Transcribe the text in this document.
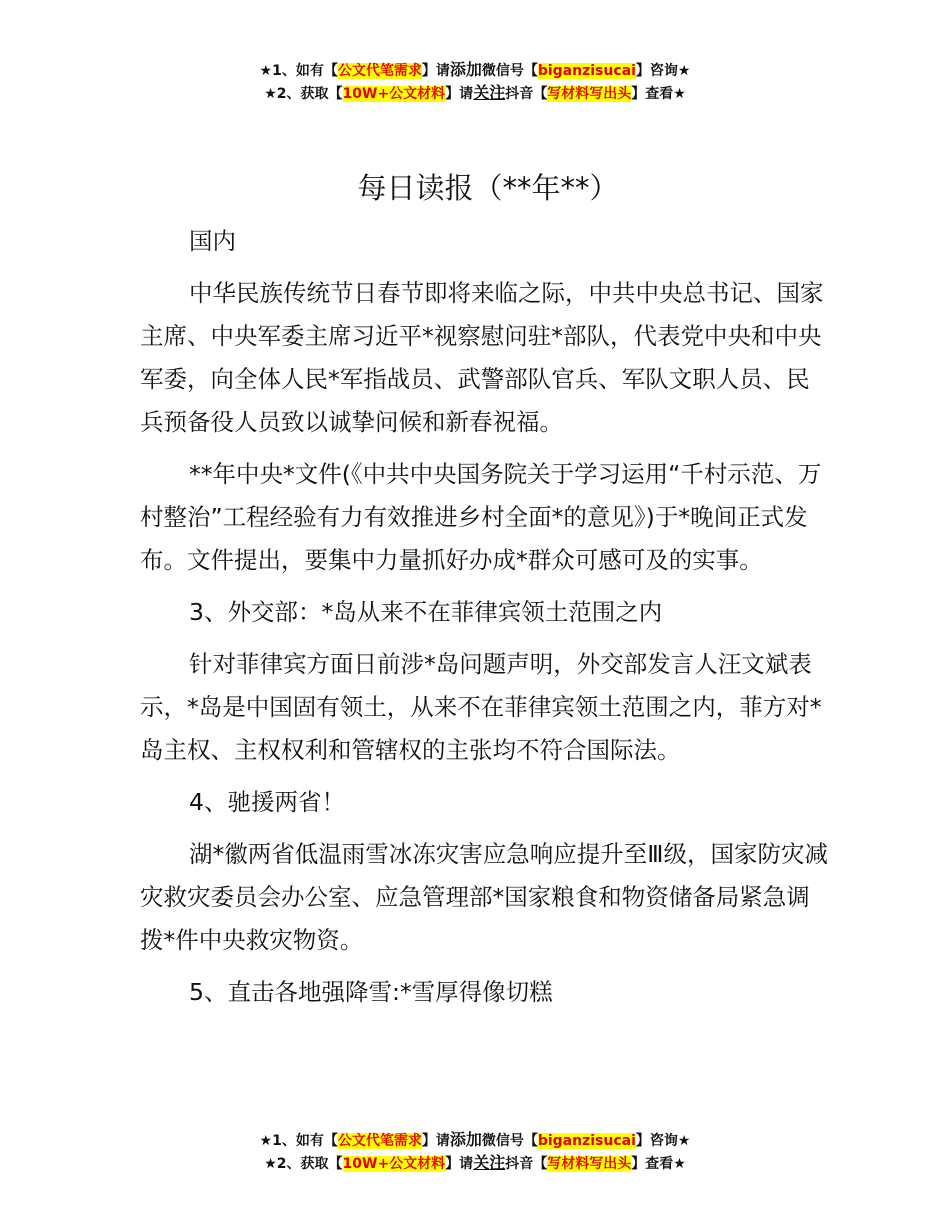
★1、如有【公文代笔需求】请添加微信号【biganzisucai】咨询★
★2、获取【10W+公文材料】请关注抖音【写材料写出头】查看★
每日读报（**年**）

国内

中华民族传统节日春节即将来临之际，中共中央总书记、国家主席、中央军委主席习近平*视察慰问驻*部队，代表党中央和中央军委，向全体人民*军指战员、武警部队官兵、军队文职人员、民兵预备役人员致以诚挚问候和新春祝福。

**年中央*文件(《中共中央国务院关于学习运用“千村示范、万村整治”工程经验有力有效推进乡村全面*的意见》)于*晚间正式发布。文件提出，要集中力量抓好办成*群众可感可及的实事。

3、外交部：*岛从来不在菲律宾领土范围之内

针对菲律宾方面日前涉*岛问题声明，外交部发言人汪文斌表示，*岛是中国固有领土，从来不在菲律宾领土范围之内，菲方对*岛主权、主权权利和管辖权的主张均不符合国际法。

4、驰援两省！

湖*徽两省低温雨雪冰冻灾害应急响应提升至Ⅲ级，国家防灾减灾救灾委员会办公室、应急管理部*国家粮食和物资储备局紧急调拨*件中央救灾物资。

5、直击各地强降雪:*雪厚得像切糕

★1、如有【公文代笔需求】请添加微信号【biganzisucai】咨询★
★2、获取【10W+公文材料】请关注抖音【写材料写出头】查看★
